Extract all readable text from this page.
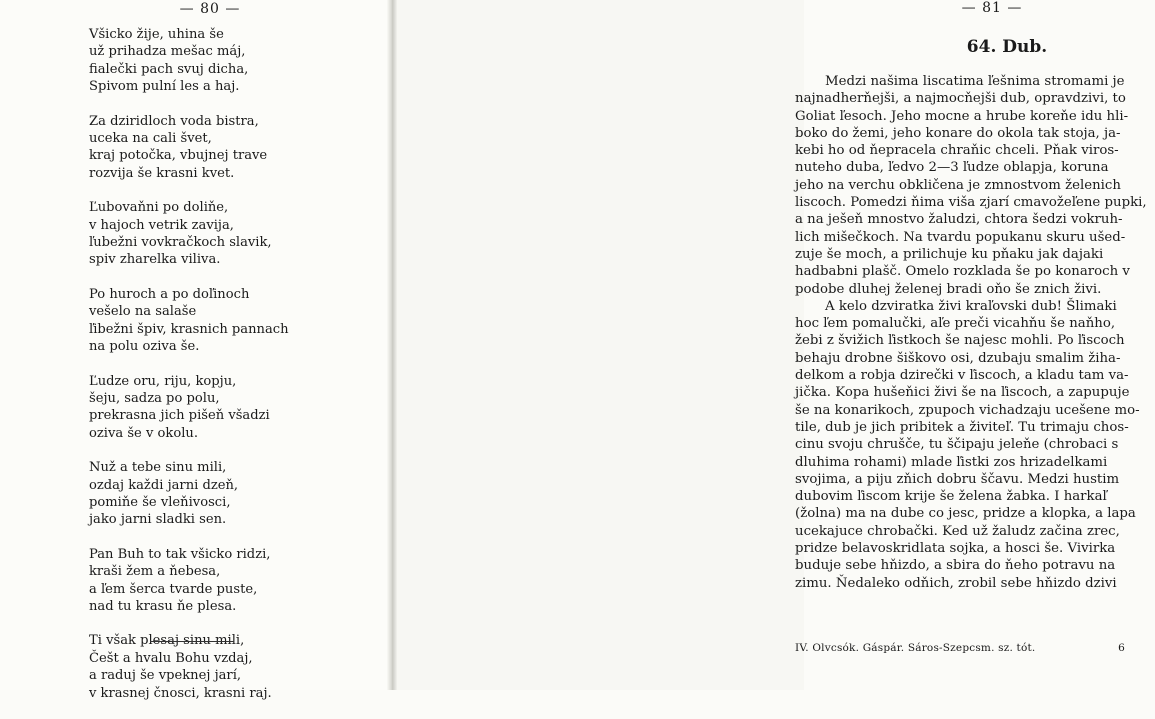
— 80 —
Všicko žije, uhina še
už prihadza mešac máj,
fialečki pach svuj dicha,
Spivom pulní les a haj.
Za dziridloch voda bistra,
uceka na cali švet,
kraj potočka, vbujnej trave
rozvija še krasni kvet.
Ľubovaňni po doliňe,
v hajoch vetrik zavija,
ľubežni vovkračkoch slavik,
spiv zharelka viliva.
Po huroch a po doľinoch
vešelo na salaše
ľibežni špiv, krasnich pannach
na polu oziva še.
Ľudze oru, riju, kopju,
šeju, sadza po polu,
prekrasna jich pišeň všadzi
oziva še v okolu.
Nuž a tebe sinu mili,
ozdaj každi jarni dzeň,
pomiňe še vleňivosci,
jako jarni sladki sen.
Pan Buh to tak všicko ridzi,
kraši žem a ňebesa,
a ľem šerca tvarde puste,
nad tu krasu ňe plesa.
Ti však plesaj sinu mili,
Češt a hvalu Bohu vzdaj,
a raduj še vpeknej jarí,
v krasnej čnosci, krasni raj.
— 81 —
64. Dub.
Medzi našima liscatima ľešnima stromami je
najnadherňejši, a najmocňejši dub, opravdzivi, to
Goliat ľesoch. Jeho mocne a hrube koreňe idu hli-
boko do žemi, jeho konare do okola tak stoja, ja-
kebi ho od ňepracela chraňic chceli. Pňak viros-
nuteho duba, ľedvo 2—3 ľudze oblapja, koruna
jeho na verchu obkličena je zmnostvom želenich
liscoch. Pomedzi ňima viša zjarí cmavožeľene pupki,
a na ješeň mnostvo žaludzi, chtora šedzi vokruh-
lich mišečkoch. Na tvardu popukanu skuru ušed-
zuje še moch, a prilichuje ku pňaku jak dajaki
hadbabni plašč. Omelo rozklada še po konaroch v
podobe dluhej želenej bradi oňo še znich živi.
A kelo dzviratka živi kraľovski dub! Šlimaki
hoc ľem pomalučki, aľe preči vicahňu še naňho,
žebi z švižich ľistkoch še najesc mohli. Po ľiscoch
behaju drobne šiškovo osi, dzubaju smalim žiha-
delkom a robja dzirečki v ľiscoch, a kladu tam va-
jička. Kopa hušeňici živi še na ľiscoch, a zapupuje
še na konarikoch, zpupoch vichadzaju ucešene mo-
tile, dub je jich pribitek a živiteľ. Tu trimaju chos-
cinu svoju chrušče, tu ščipaju jeleňe (chrobaci s
dluhima rohami) mlade ľistki zos hrizadelkami
svojima, a piju zňich dobru ščavu. Medzi hustim
dubovim ľiscom krije še želena žabka. I harkaľ
(žolna) ma na dube co jesc, pridze a klopka, a lapa
ucekajuce chrobački. Ked už žaludz začina zrec,
pridze belavoskridlata sojka, a hosci še. Vivirka
buduje sebe hňizdo, a sbira do ňeho potravu na
zimu. Ňedaleko odňich, zrobil sebe hňizdo dzivi
IV. Olvcsók. Gáspár. Sáros-Szepcsm. sz. tót.	6
